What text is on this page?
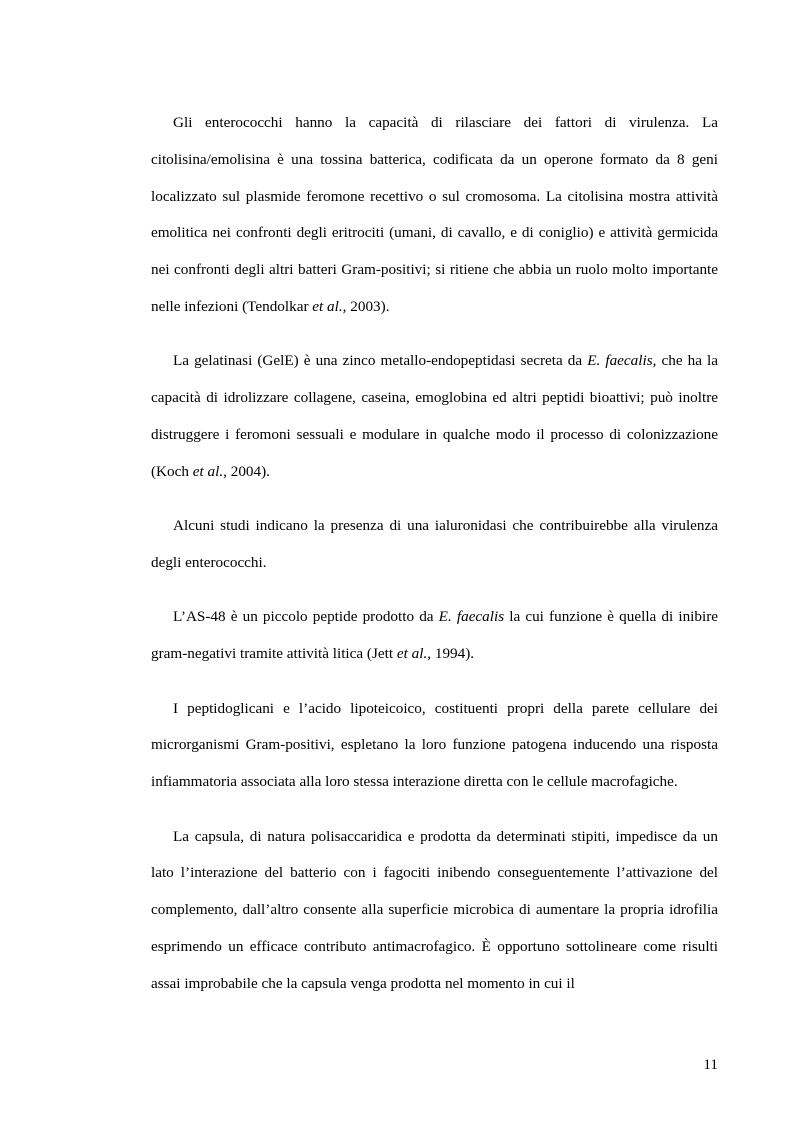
Gli enterococchi hanno la capacità di rilasciare dei fattori di virulenza. La citolisina/emolisina è una tossina batterica, codificata da un operone formato da 8 geni localizzato sul plasmide feromone recettivo o sul cromosoma. La citolisina mostra attività emolitica nei confronti degli eritrociti (umani, di cavallo, e di coniglio) e attività germicida nei confronti degli altri batteri Gram-positivi; si ritiene che abbia un ruolo molto importante nelle infezioni (Tendolkar et al., 2003).

La gelatinasi (GelE) è una zinco metallo-endopeptidasi secreta da E. faecalis, che ha la capacità di idrolizzare collagene, caseina, emoglobina ed altri peptidi bioattivi; può inoltre distruggere i feromoni sessuali e modulare in qualche modo il processo di colonizzazione (Koch et al., 2004).

Alcuni studi indicano la presenza di una ialuronidasi che contribuirebbe alla virulenza degli enterococchi.

L’AS-48 è un piccolo peptide prodotto da E. faecalis la cui funzione è quella di inibire gram-negativi tramite attività litica (Jett et al., 1994).

I peptidoglicani e l’acido lipoteicoico, costituenti propri della parete cellulare dei microrganismi Gram-positivi, espletano la loro funzione patogena inducendo una risposta infiammatoria associata alla loro stessa interazione diretta con le cellule macrofagiche.

La capsula, di natura polisaccaridica e prodotta da determinati stipiti, impedisce da un lato l’interazione del batterio con i fagociti inibendo conseguentemente l’attivazione del complemento, dall’altro consente alla superficie microbica di aumentare la propria idrofilia esprimendo un efficace contributo antimacrofagico. È opportuno sottolineare come risulti assai improbabile che la capsula venga prodotta nel momento in cui il

11
